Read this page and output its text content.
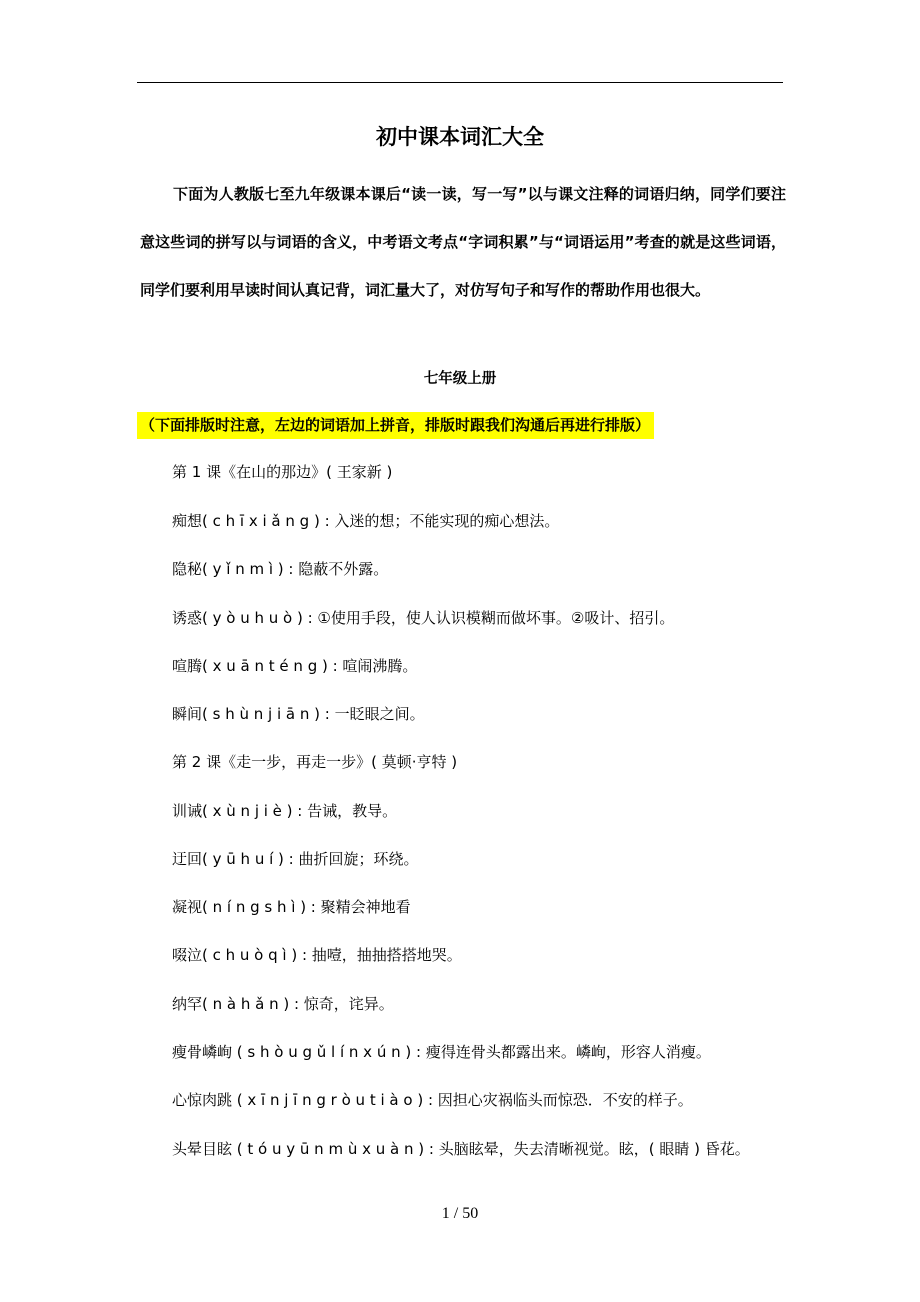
初中课本词汇大全

下面为人教版七至九年级课本课后“读一读，写一写”以与课文注释的词语归纳，同学们要注意这些词的拼写以与词语的含义，中考语文考点“字词积累”与“词语运用”考查的就是这些词语，同学们要利用早读时间认真记背，词汇量大了，对仿写句子和写作的帮助作用也很大。

七年级上册
（下面排版时注意，左边的词语加上拼音，排版时跟我们沟通后再进行排版）
第 1 课《在山的那边》( 王家新 )
痴想( c h ī x i ǎ n g ) : 入迷的想；不能实现的痴心想法。
隐秘( y ǐ n m ì ) : 隐蔽不外露。
诱惑( y ò u h u ò ) : ①使用手段，使人认识模糊而做坏事。②吸计、招引。
喧腾( x u ā n t é n g ) : 喧闹沸腾。
瞬间( s h ù n j i ā n ) : 一眨眼之间。
第 2 课《走一步，再走一步》( 莫顿·亨特 )
训诫( x ù n j i è ) : 告诫，教导。
迂回( y ū h u í ) : 曲折回旋；环绕。
凝视( n í n g s h ì ) : 聚精会神地看
啜泣( c h u ò q ì ) : 抽噎，抽抽搭搭地哭。
纳罕( n à h ǎ n ) : 惊奇，诧异。
瘦骨嶙峋 ( s h ò u g ǔ l í n x ú n ) : 瘦得连骨头都露出来。嶙峋，形容人消瘦。
心惊肉跳 ( x ī n j ī n g r ò u t i à o ) : 因担心灾祸临头而惊恐．不安的样子。
头晕目眩 ( t ó u y ū n m ù x u à n ) : 头脑眩晕，失去清晰视觉。眩，( 眼睛 ) 昏花。
1 / 50
